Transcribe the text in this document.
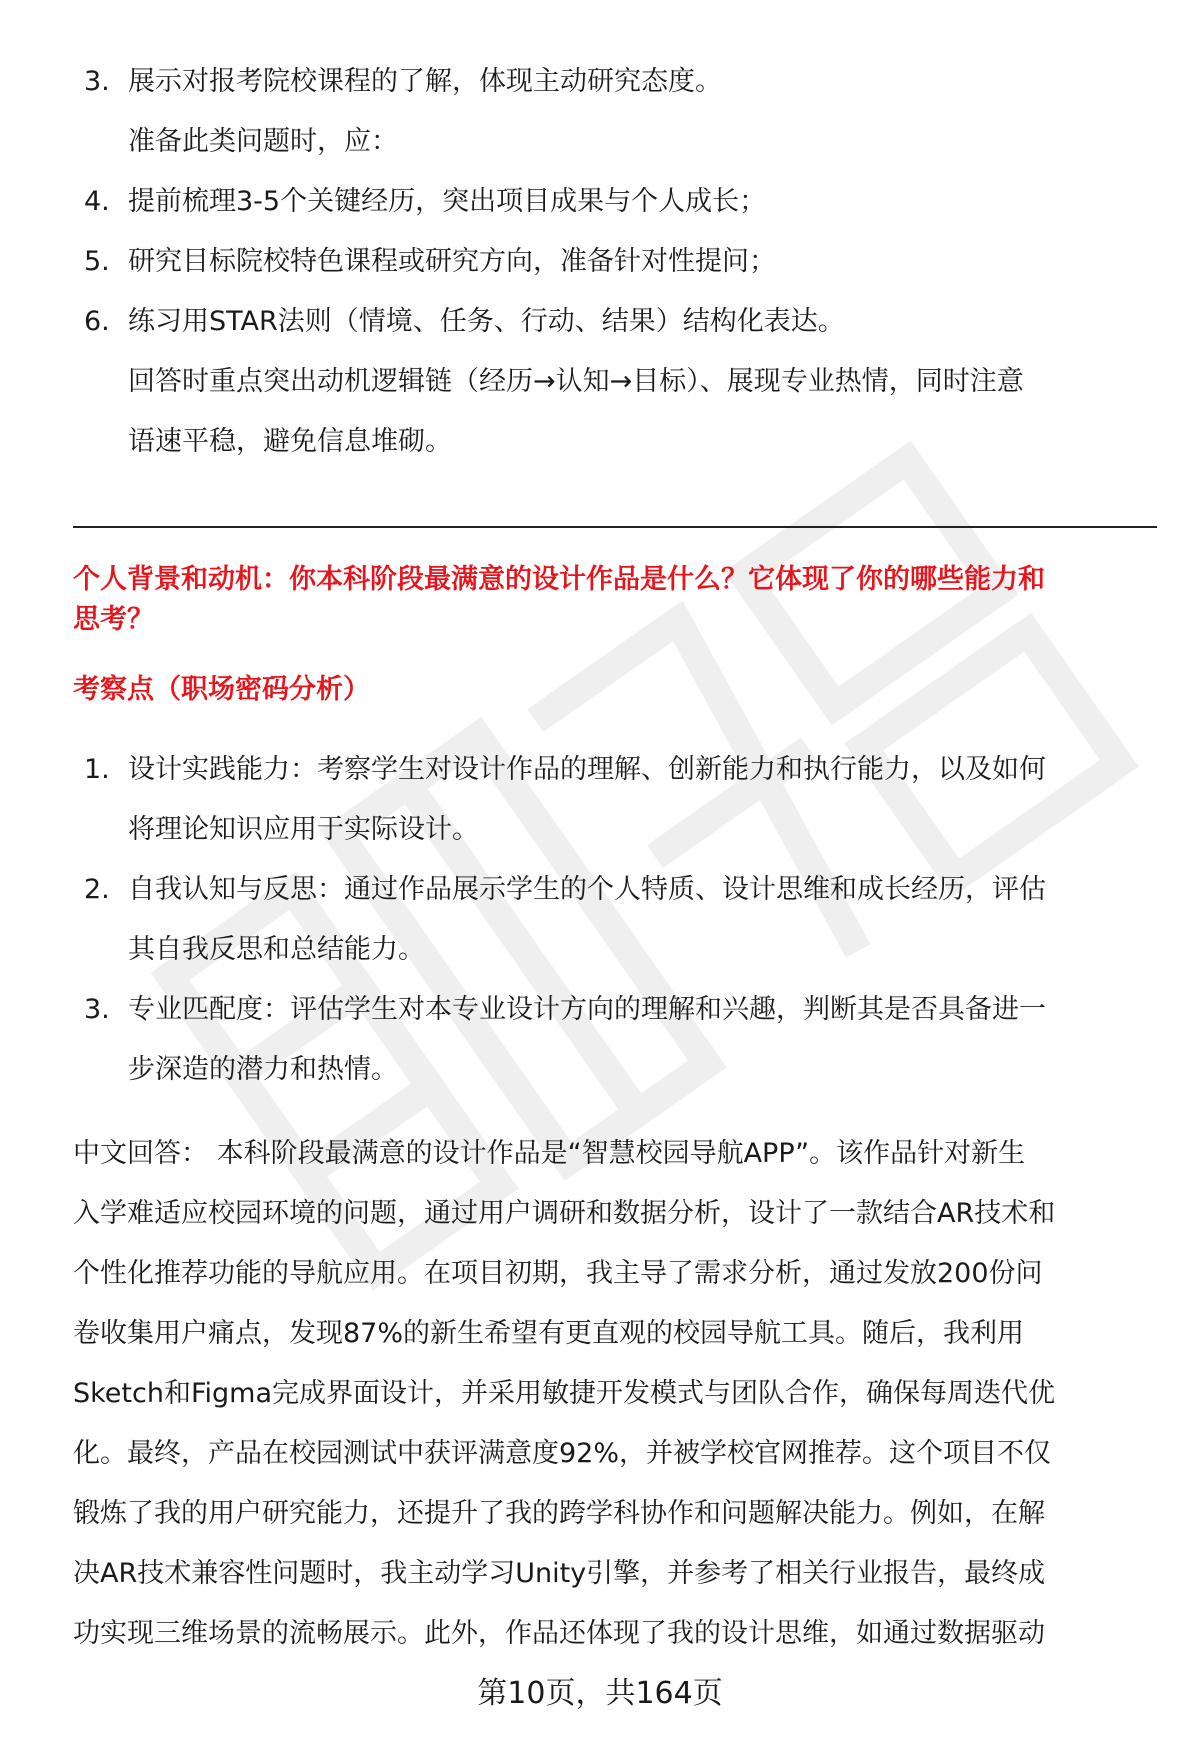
3. 展示对报考院校课程的了解，体现主动研究态度。
准备此类问题时，应：
4. 提前梳理3-5个关键经历，突出项目成果与个人成长；
5. 研究目标院校特色课程或研究方向，准备针对性提问；
6. 练习用STAR法则（情境、任务、行动、结果）结构化表达。
回答时重点突出动机逻辑链（经历→认知→目标）、展现专业热情，同时注意
语速平稳，避免信息堆砌。
个人背景和动机：你本科阶段最满意的设计作品是什么？它体现了你的哪些能力和
思考？
考察点（职场密码分析）
1. 设计实践能力：考察学生对设计作品的理解、创新能力和执行能力，以及如何
将理论知识应用于实际设计。
2. 自我认知与反思：通过作品展示学生的个人特质、设计思维和成长经历，评估
其自我反思和总结能力。
3. 专业匹配度：评估学生对本专业设计方向的理解和兴趣，判断其是否具备进一
步深造的潜力和热情。
中文回答： 本科阶段最满意的设计作品是“智慧校园导航APP”。该作品针对新生
入学难适应校园环境的问题，通过用户调研和数据分析，设计了一款结合AR技术和
个性化推荐功能的导航应用。在项目初期，我主导了需求分析，通过发放200份问
卷收集用户痛点，发现87%的新生希望有更直观的校园导航工具。随后，我利用
Sketch和Figma完成界面设计，并采用敏捷开发模式与团队合作，确保每周迭代优
化。最终，产品在校园测试中获评满意度92%，并被学校官网推荐。这个项目不仅
锻炼了我的用户研究能力，还提升了我的跨学科协作和问题解决能力。例如，在解
决AR技术兼容性问题时，我主动学习Unity引擎，并参考了相关行业报告，最终成
功实现三维场景的流畅展示。此外，作品还体现了我的设计思维，如通过数据驱动
第10页，共164页
